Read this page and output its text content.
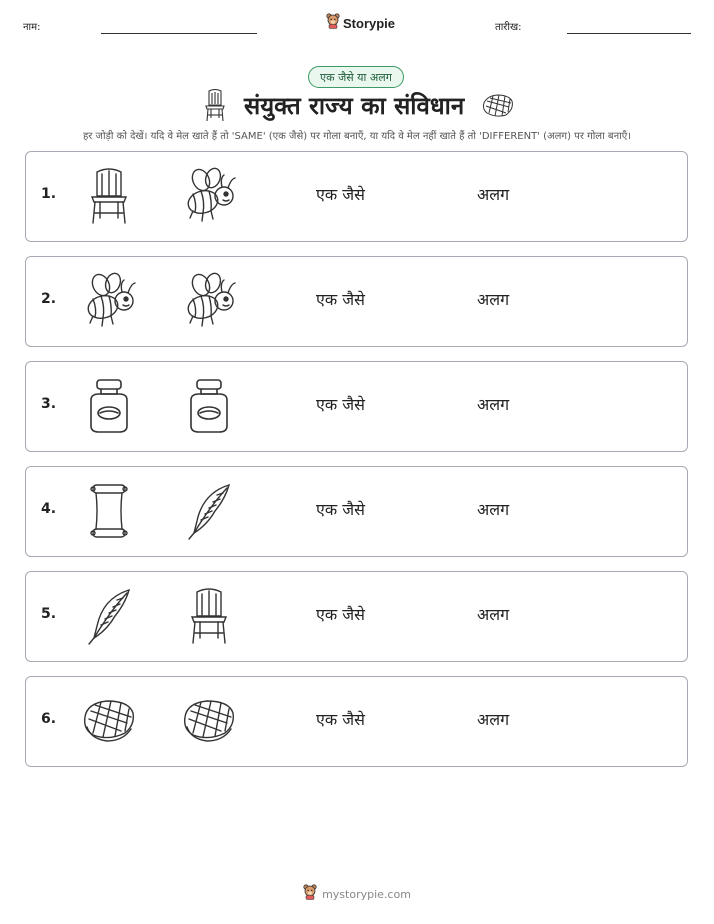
नाम:	Storypie	तारीख:
एक जैसे या अलग
संयुक्त राज्य का संविधान
हर जोड़ी को देखें। यदि वे मेल खाते हैं तो 'SAME' (एक जैसे) पर गोला बनाएँ, या यदि वे मेल नहीं खाते हैं तो 'DIFFERENT' (अलग) पर गोला बनाएँ।
1.	एक जैसे	अलग
2.	एक जैसे	अलग
3.	एक जैसे	अलग
4.	एक जैसे	अलग
5.	एक जैसे	अलग
6.	एक जैसे	अलग
mystorypie.com
